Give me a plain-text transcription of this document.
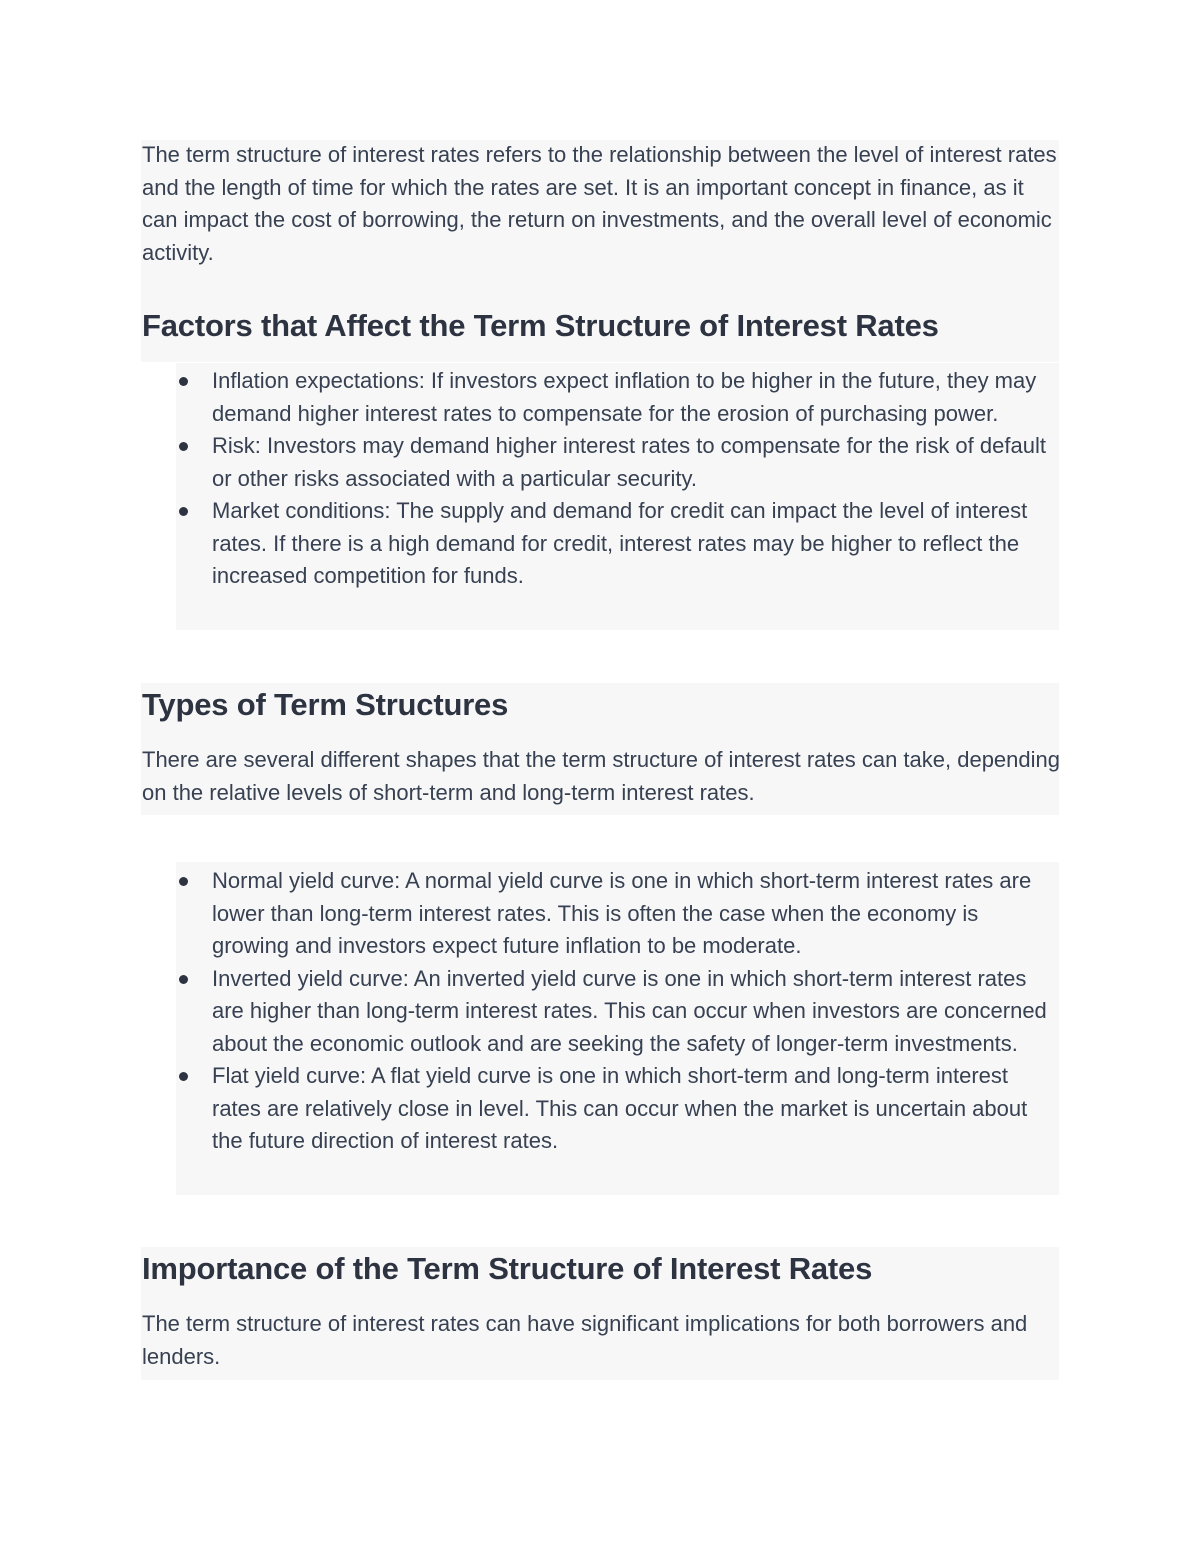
The term structure of interest rates refers to the relationship between the level of interest rates and the length of time for which the rates are set. It is an important concept in finance, as it can impact the cost of borrowing, the return on investments, and the overall level of economic activity.

Factors that Affect the Term Structure of Interest Rates
Inflation expectations: If investors expect inflation to be higher in the future, they may demand higher interest rates to compensate for the erosion of purchasing power.
Risk: Investors may demand higher interest rates to compensate for the risk of default or other risks associated with a particular security.
Market conditions: The supply and demand for credit can impact the level of interest rates. If there is a high demand for credit, interest rates may be higher to reflect the increased competition for funds.
Types of Term Structures

There are several different shapes that the term structure of interest rates can take, depending on the relative levels of short-term and long-term interest rates.

Normal yield curve: A normal yield curve is one in which short-term interest rates are lower than long-term interest rates. This is often the case when the economy is growing and investors expect future inflation to be moderate.
Inverted yield curve: An inverted yield curve is one in which short-term interest rates are higher than long-term interest rates. This can occur when investors are concerned about the economic outlook and are seeking the safety of longer-term investments.
Flat yield curve: A flat yield curve is one in which short-term and long-term interest rates are relatively close in level. This can occur when the market is uncertain about the future direction of interest rates.
Importance of the Term Structure of Interest Rates

The term structure of interest rates can have significant implications for both borrowers and lenders.
